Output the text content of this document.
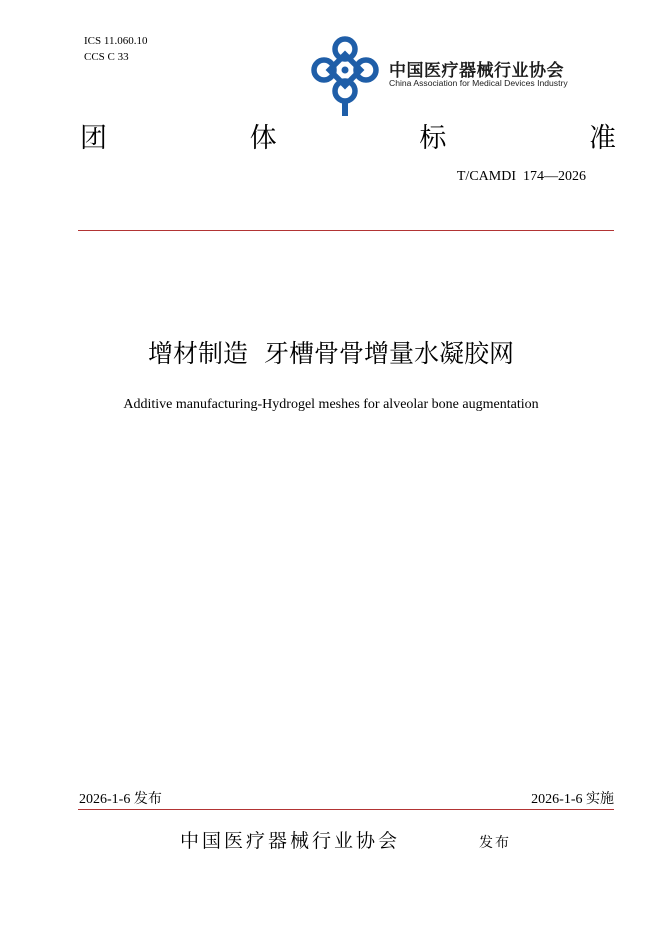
ICS 11.060.10
CCS C 33
中国医疗器械行业协会
China Association for Medical Devices Industry
团	体	标	准
T/CAMDI  174—2026
增材制造  牙槽骨骨增量水凝胶网
Additive manufacturing-Hydrogel meshes for alveolar bone augmentation
2026-1-6 发布	2026-1-6 实施
中国医疗器械行业协会	发布
